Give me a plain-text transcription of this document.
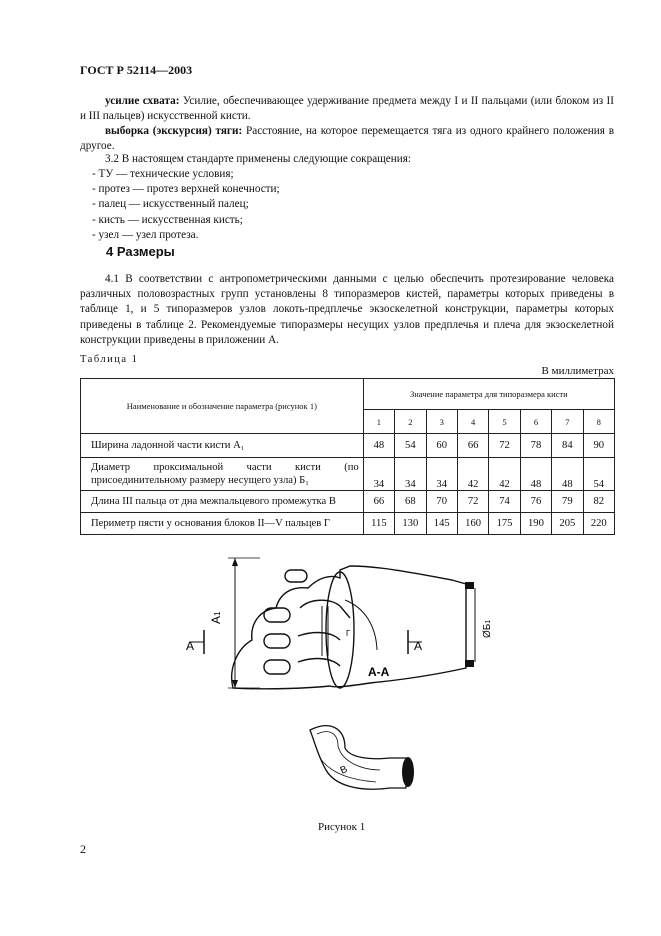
ГОСТ Р 52114—2003
усилие схвата: Усилие, обеспечивающее удерживание предмета между I и II пальцами (или блоком из II и III пальцев) искусственной кисти.
выборка (экскурсия) тяги: Расстояние, на которое перемещается тяга из одного крайнего положения в другое.
3.2 В настоящем стандарте применены следующие сокращения:
- ТУ — технические условия;
- протез — протез верхней конечности;
- палец — искусственный палец;
- кисть — искусственная кисть;
- узел — узел протеза.
4 Размеры
4.1 В соответствии с антропометрическими данными с целью обеспечить протезирование человека различных половозрастных групп установлены 8 типоразмеров кистей, параметры которых приведены в таблице 1, и 5 типоразмеров узлов локоть-предплечье экзоскелетной конструкции, параметры которых приведены в таблице 2. Рекомендуемые типоразмеры несущих узлов предплечья и плеча для экзоскелетной конструкции приведены в приложении А.
Таблица 1
В миллиметрах
Наименование и обозначение параметра (рисунок 1)	Значение параметра для типоразмера кисти							
	1	2	3	4	5	6	7	8
Ширина ладонной части кисти А₁	48	54	60	66	72	78	84	90
Диаметр проксимальной части кисти (по присоединительному размеру несущего узла) Б₁	34	34	34	42	42	48	48	54
Длина III пальца от дна межпальцевого промежутка В	66	68	70	72	74	76	79	82
Периметр пясти у основания блоков II—V пальцев Г	115	130	145	160	175	190	205	220
А1
А	А
А-А
Г	ØБ1
В
Рисунок 1
2
